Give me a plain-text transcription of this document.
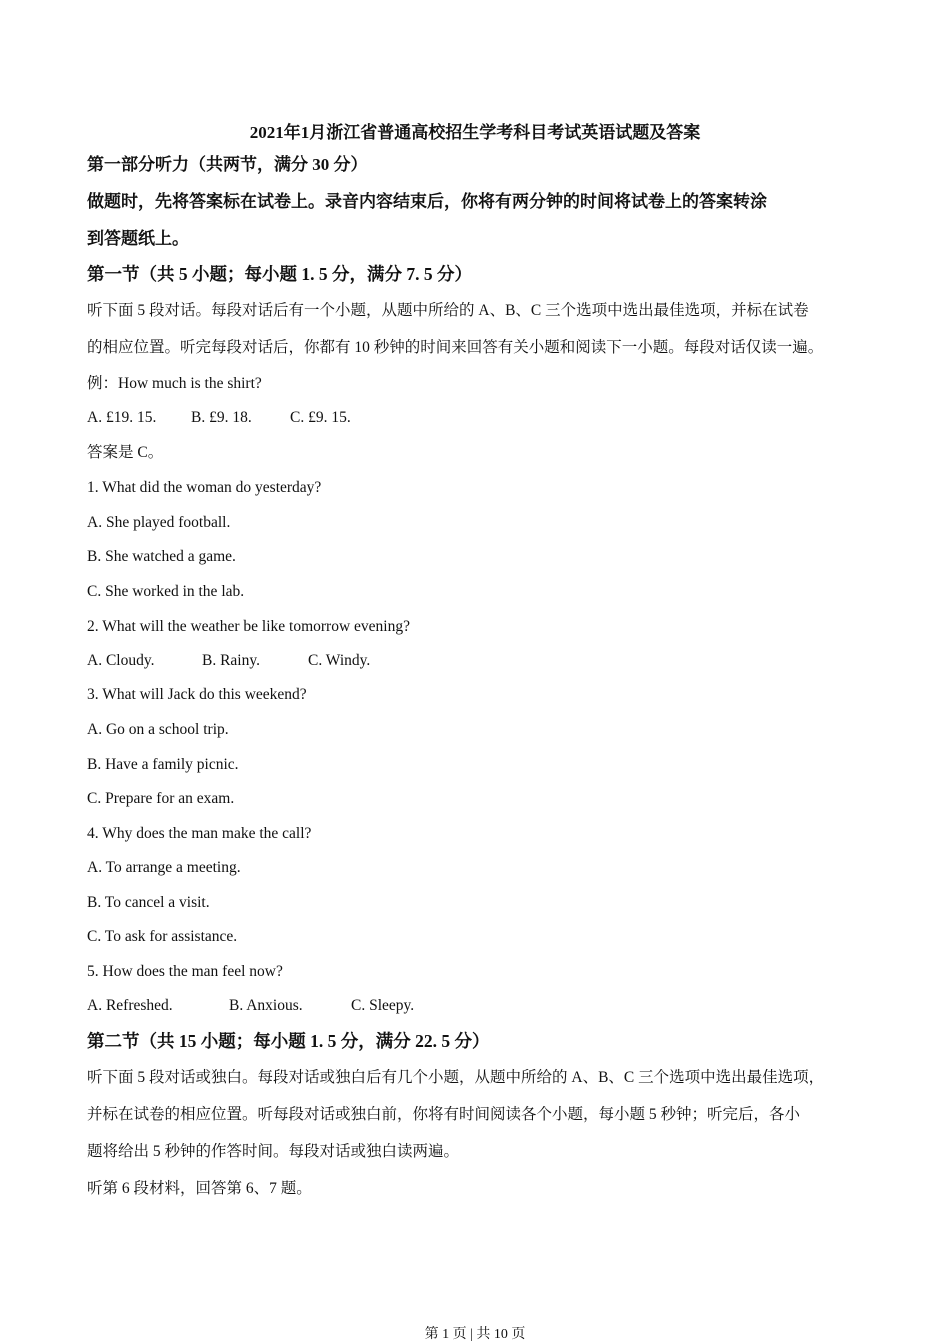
2021年1月浙江省普通高校招生学考科目考试英语试题及答案
第一部分听力（共两节，满分 30 分）
做题时，先将答案标在试卷上。录音内容结束后，你将有两分钟的时间将试卷上的答案转涂
到答题纸上。
第一节（共 5 小题；每小题 1. 5 分，满分 7. 5 分）
听下面 5 段对话。每段对话后有一个小题，从题中所给的 A、B、C 三个选项中选出最佳选项，并标在试卷
的相应位置。听完每段对话后，你都有 10 秒钟的时间来回答有关小题和阅读下一小题。每段对话仅读一遍。
例：How much is the shirt?
A. £19. 15. B. £9. 18. C. £9. 15.
答案是 C。
1. What did the woman do yesterday?
A. She played football.
B. She watched a game.
C. She worked in the lab.
2. What will the weather be like tomorrow evening?
A. Cloudy.	B. Rainy.	C. Windy.
3. What will Jack do this weekend?
A. Go on a school trip.
B. Have a family picnic.
C. Prepare for an exam.
4. Why does the man make the call?
A. To arrange a meeting.
B. To cancel a visit.
C. To ask for assistance.
5. How does the man feel now?
A. Refreshed.	B. Anxious.	C. Sleepy.
第二节（共 15 小题；每小题 1. 5 分，满分 22. 5 分）
听下面 5 段对话或独白。每段对话或独白后有几个小题，从题中所给的 A、B、C 三个选项中选出最佳选项，
并标在试卷的相应位置。听每段对话或独白前，你将有时间阅读各个小题，每小题 5 秒钟；听完后，各小
题将给出 5 秒钟的作答时间。每段对话或独白读两遍。
听第 6 段材料，回答第 6、7 题。
第 1 页 | 共 10 页
